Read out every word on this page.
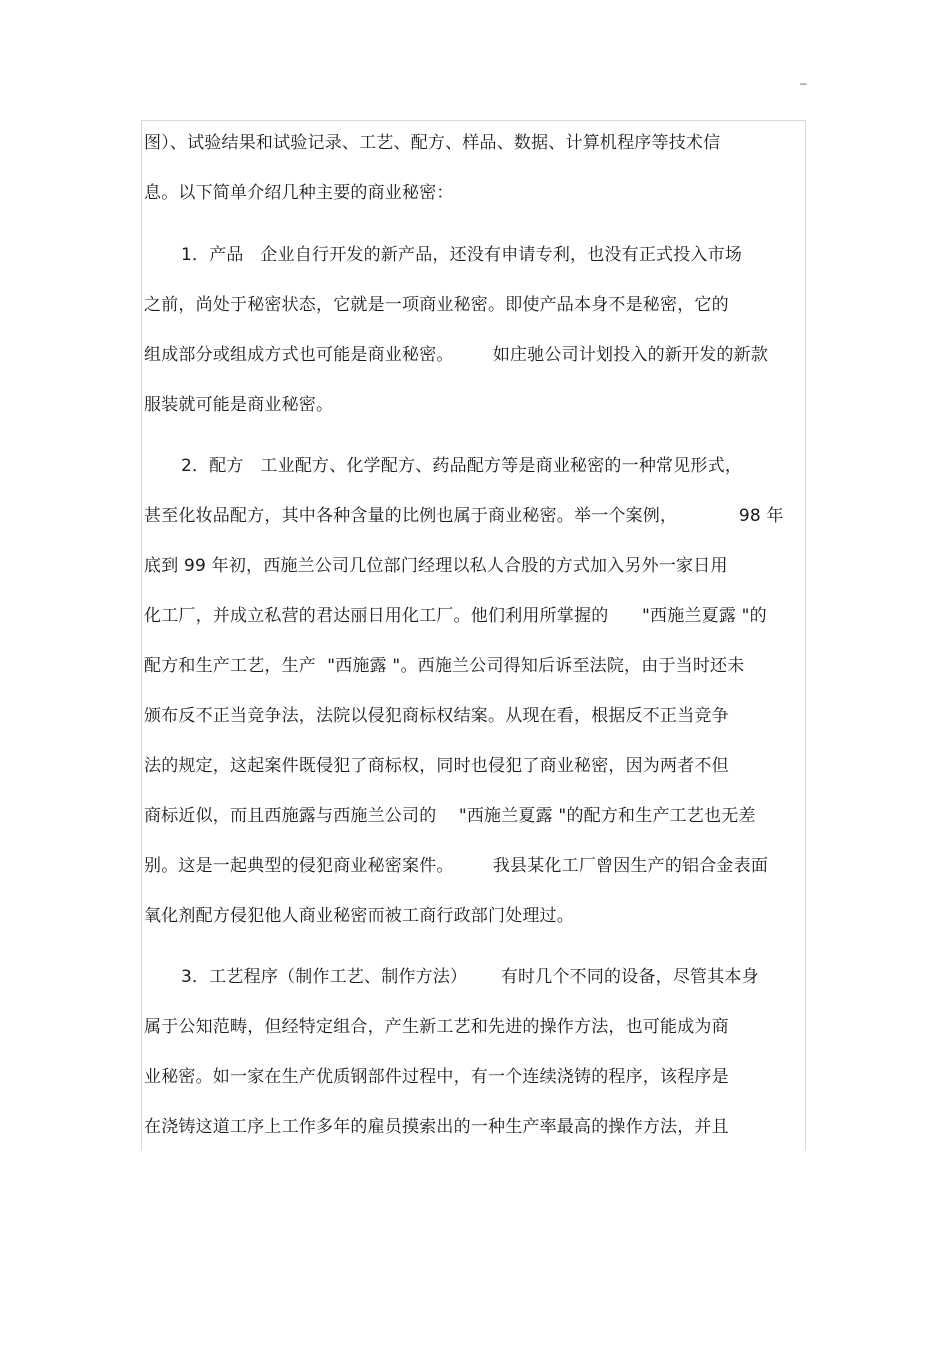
–
图）、试验结果和试验记录、工艺、配方、样品、数据、计算机程序等技术信
息。以下简单介绍几种主要的商业秘密：
1．产品   企业自行开发的新产品，还没有申请专利，也没有正式投入市场
之前，尚处于秘密状态，它就是一项商业秘密。即使产品本身不是秘密，它的
组成部分或组成方式也可能是商业秘密。       如庄驰公司计划投入的新开发的新款
服装就可能是商业秘密。
2．配方   工业配方、化学配方、药品配方等是商业秘密的一种常见形式，
甚至化妆品配方，其中各种含量的比例也属于商业秘密。举一个案例，           98 年
底到 99 年初，西施兰公司几位部门经理以私人合股的方式加入另外一家日用
化工厂，并成立私营的君达丽日用化工厂。他们利用所掌握的      "西施兰夏露 "的
配方和生产工艺，生产  "西施露 "。西施兰公司得知后诉至法院，由于当时还未
颁布反不正当竞争法，法院以侵犯商标权结案。从现在看，根据反不正当竞争
法的规定，这起案件既侵犯了商标权，同时也侵犯了商业秘密，因为两者不但
商标近似，而且西施露与西施兰公司的    "西施兰夏露 "的配方和生产工艺也无差
别。这是一起典型的侵犯商业秘密案件。       我县某化工厂曾因生产的铝合金表面
氧化剂配方侵犯他人商业秘密而被工商行政部门处理过。
3．工艺程序（制作工艺、制作方法）      有时几个不同的设备，尽管其本身
属于公知范畴，但经特定组合，产生新工艺和先进的操作方法，也可能成为商
业秘密。如一家在生产优质钢部件过程中，有一个连续浇铸的程序，该程序是
在浇铸这道工序上工作多年的雇员摸索出的一种生产率最高的操作方法，并且
